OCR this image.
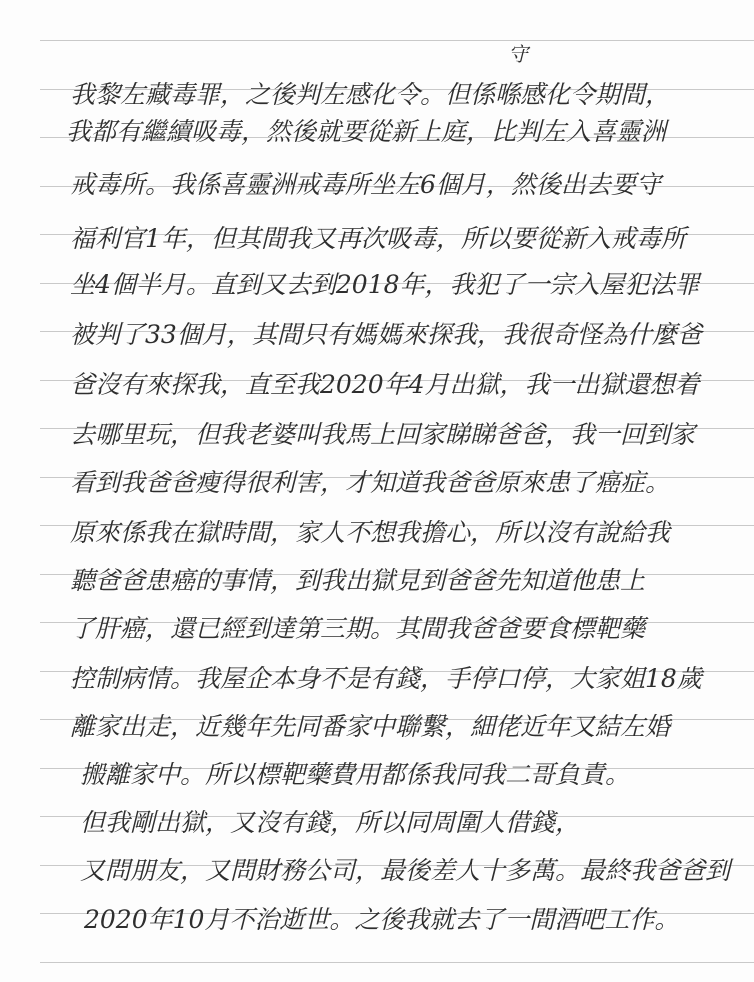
守
我黎左藏毒罪，之後判左感化令。但係喺感化令期間，
我都有繼續吸毒，然後就要從新上庭，比判左入喜靈洲
戒毒所。我係喜靈洲戒毒所坐左6個月，然後出去要守
福利官1年，但其間我又再次吸毒，所以要從新入戒毒所
坐4個半月。直到又去到2018年，我犯了一宗入屋犯法罪
被判了33個月，其間只有媽媽來探我，我很奇怪為什麼爸
爸沒有來探我，直至我2020年4月出獄，我一出獄還想着
去哪里玩，但我老婆叫我馬上回家睇睇爸爸，我一回到家
看到我爸爸瘦得很利害，才知道我爸爸原來患了癌症。
原來係我在獄時間，家人不想我擔心，所以沒有說給我
聽爸爸患癌的事情，到我出獄見到爸爸先知道他患上
了肝癌，還已經到達第三期。其間我爸爸要食標靶藥
控制病情。我屋企本身不是有錢，手停口停，大家姐18歲
離家出走，近幾年先同番家中聯繫，細佬近年又結左婚
搬離家中。所以標靶藥費用都係我同我二哥負責。
但我剛出獄，又沒有錢，所以同周圍人借錢，
又問朋友，又問財務公司，最後差人十多萬。最終我爸爸到
2020年10月不治逝世。之後我就去了一間酒吧工作。
